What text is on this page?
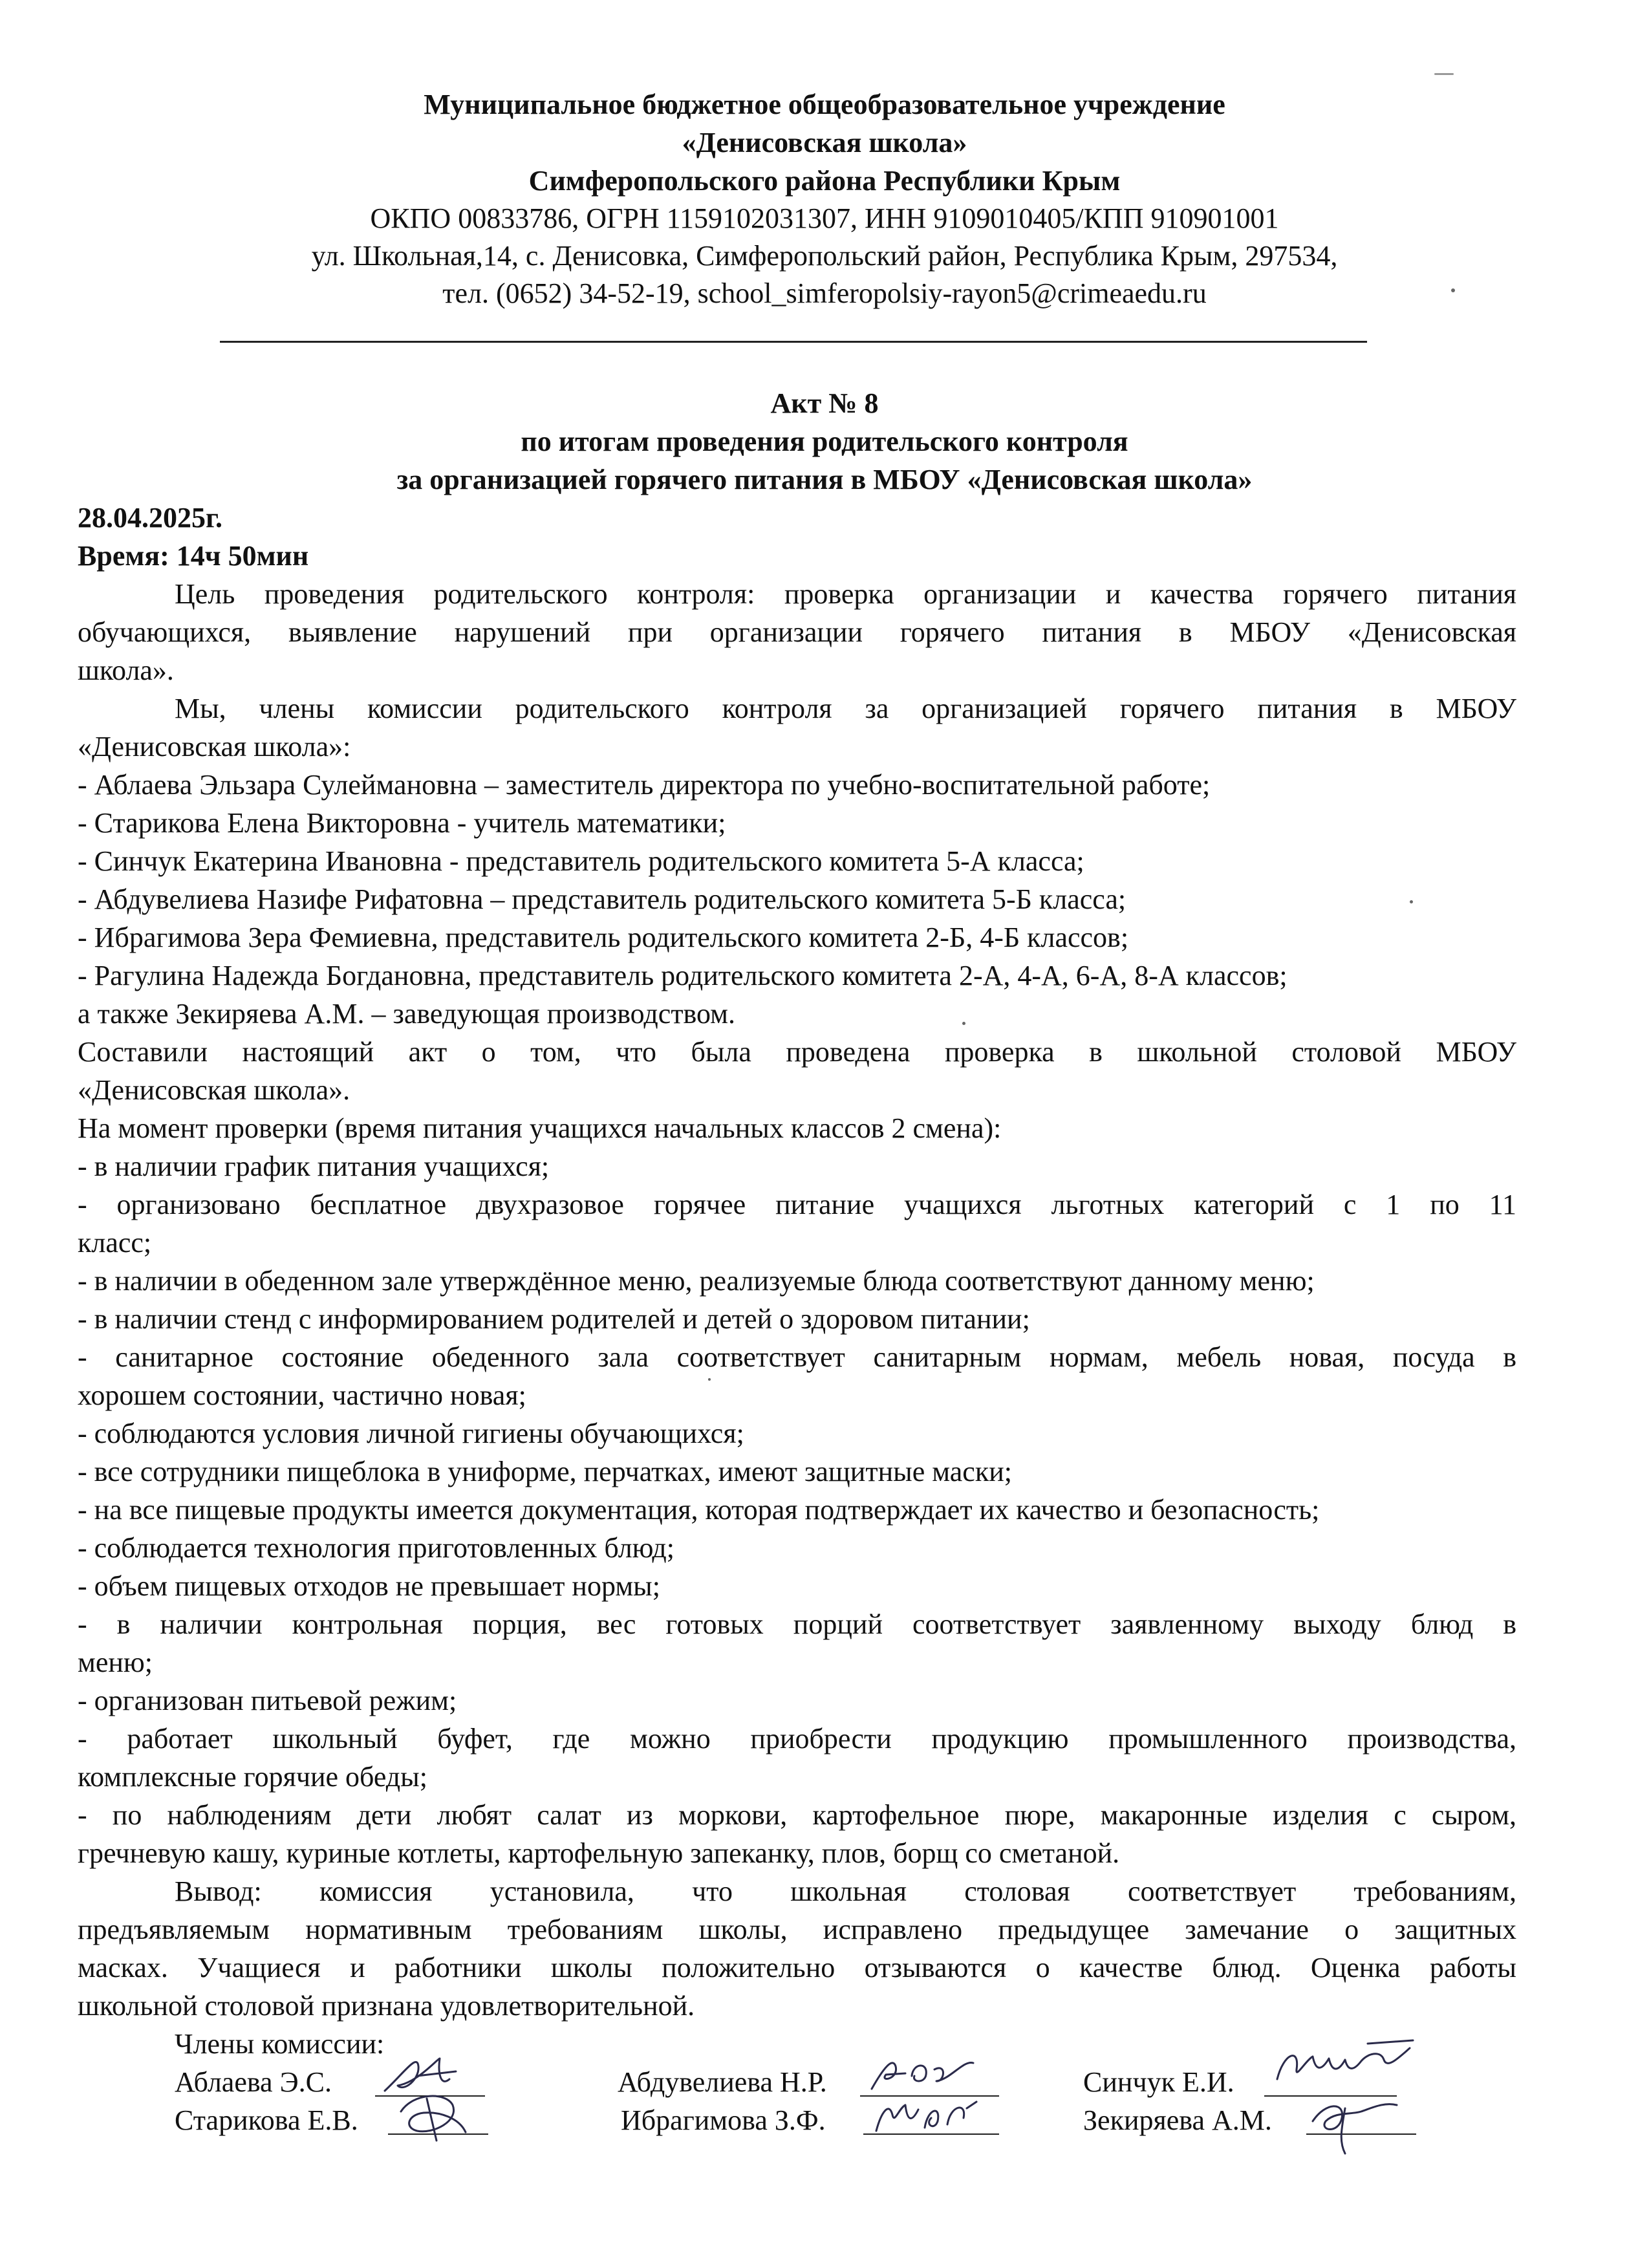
Муниципальное бюджетное общеобразовательное учреждение
«Денисовская школа»
Симферопольского района Республики Крым
ОКПО 00833786, ОГРН 1159102031307, ИНН 9109010405/КПП 910901001
ул. Школьная,14, с. Денисовка, Симферопольский район, Республика Крым, 297534,
тел. (0652) 34-52-19, school_simferopolsiy-rayon5@crimeaedu.ru
Акт № 8
по итогам проведения родительского контроля
за организацией горячего питания в МБОУ «Денисовская школа»
28.04.2025г.
Время: 14ч 50мин
Цель проведения родительского контроля: проверка организации и качества горячего питания
обучающихся, выявление нарушений при организации горячего питания в МБОУ «Денисовская
школа».
Мы, члены комиссии родительского контроля за организацией горячего питания в МБОУ
«Денисовская школа»:
- Аблаева Эльзара Сулеймановна – заместитель директора по учебно-воспитательной работе;
- Старикова Елена Викторовна - учитель математики;
- Синчук Екатерина Ивановна - представитель родительского комитета 5-А класса;
- Абдувелиева Назифе Рифатовна – представитель родительского комитета 5-Б класса;
- Ибрагимова Зера Фемиевна, представитель родительского комитета 2-Б, 4-Б классов;
- Рагулина Надежда Богдановна, представитель родительского комитета 2-А, 4-А, 6-А, 8-А классов;
а также Зекиряева А.М. – заведующая производством.
Составили настоящий акт о том, что была проведена проверка в школьной столовой МБОУ
«Денисовская школа».
На момент проверки (время питания учащихся начальных классов 2 смена):
- в наличии график питания учащихся;
- организовано бесплатное двухразовое горячее питание учащихся льготных категорий с 1 по 11
класс;
- в наличии в обеденном зале утверждённое меню, реализуемые блюда соответствуют данному меню;
- в наличии стенд с информированием родителей и детей о здоровом питании;
- санитарное состояние обеденного зала соответствует санитарным нормам, мебель новая, посуда в
хорошем состоянии, частично новая;
- соблюдаются условия личной гигиены обучающихся;
- все сотрудники пищеблока в униформе, перчатках, имеют защитные маски;
- на все пищевые продукты имеется документация, которая подтверждает их качество и безопасность;
- соблюдается технология приготовленных блюд;
- объем пищевых отходов не превышает нормы;
- в наличии контрольная порция, вес готовых порций соответствует заявленному выходу блюд в
меню;
- организован питьевой режим;
- работает школьный буфет, где можно приобрести продукцию промышленного производства,
комплексные горячие обеды;
- по наблюдениям дети любят салат из моркови, картофельное пюре, макаронные изделия с сыром,
гречневую кашу, куриные котлеты, картофельную запеканку, плов, борщ со сметаной.
Вывод: комиссия установила, что школьная столовая соответствует требованиям,
предъявляемым нормативным требованиям школы, исправлено предыдущее замечание о защитных
масках. Учащиеся и работники школы положительно отзываются о качестве блюд. Оценка работы
школьной столовой признана удовлетворительной.
Члены комиссии:
Аблаева Э.С.	Абдувелиева Н.Р.	Синчук Е.И.
Старикова Е.В.	Ибрагимова З.Ф.	Зекиряева А.М.
